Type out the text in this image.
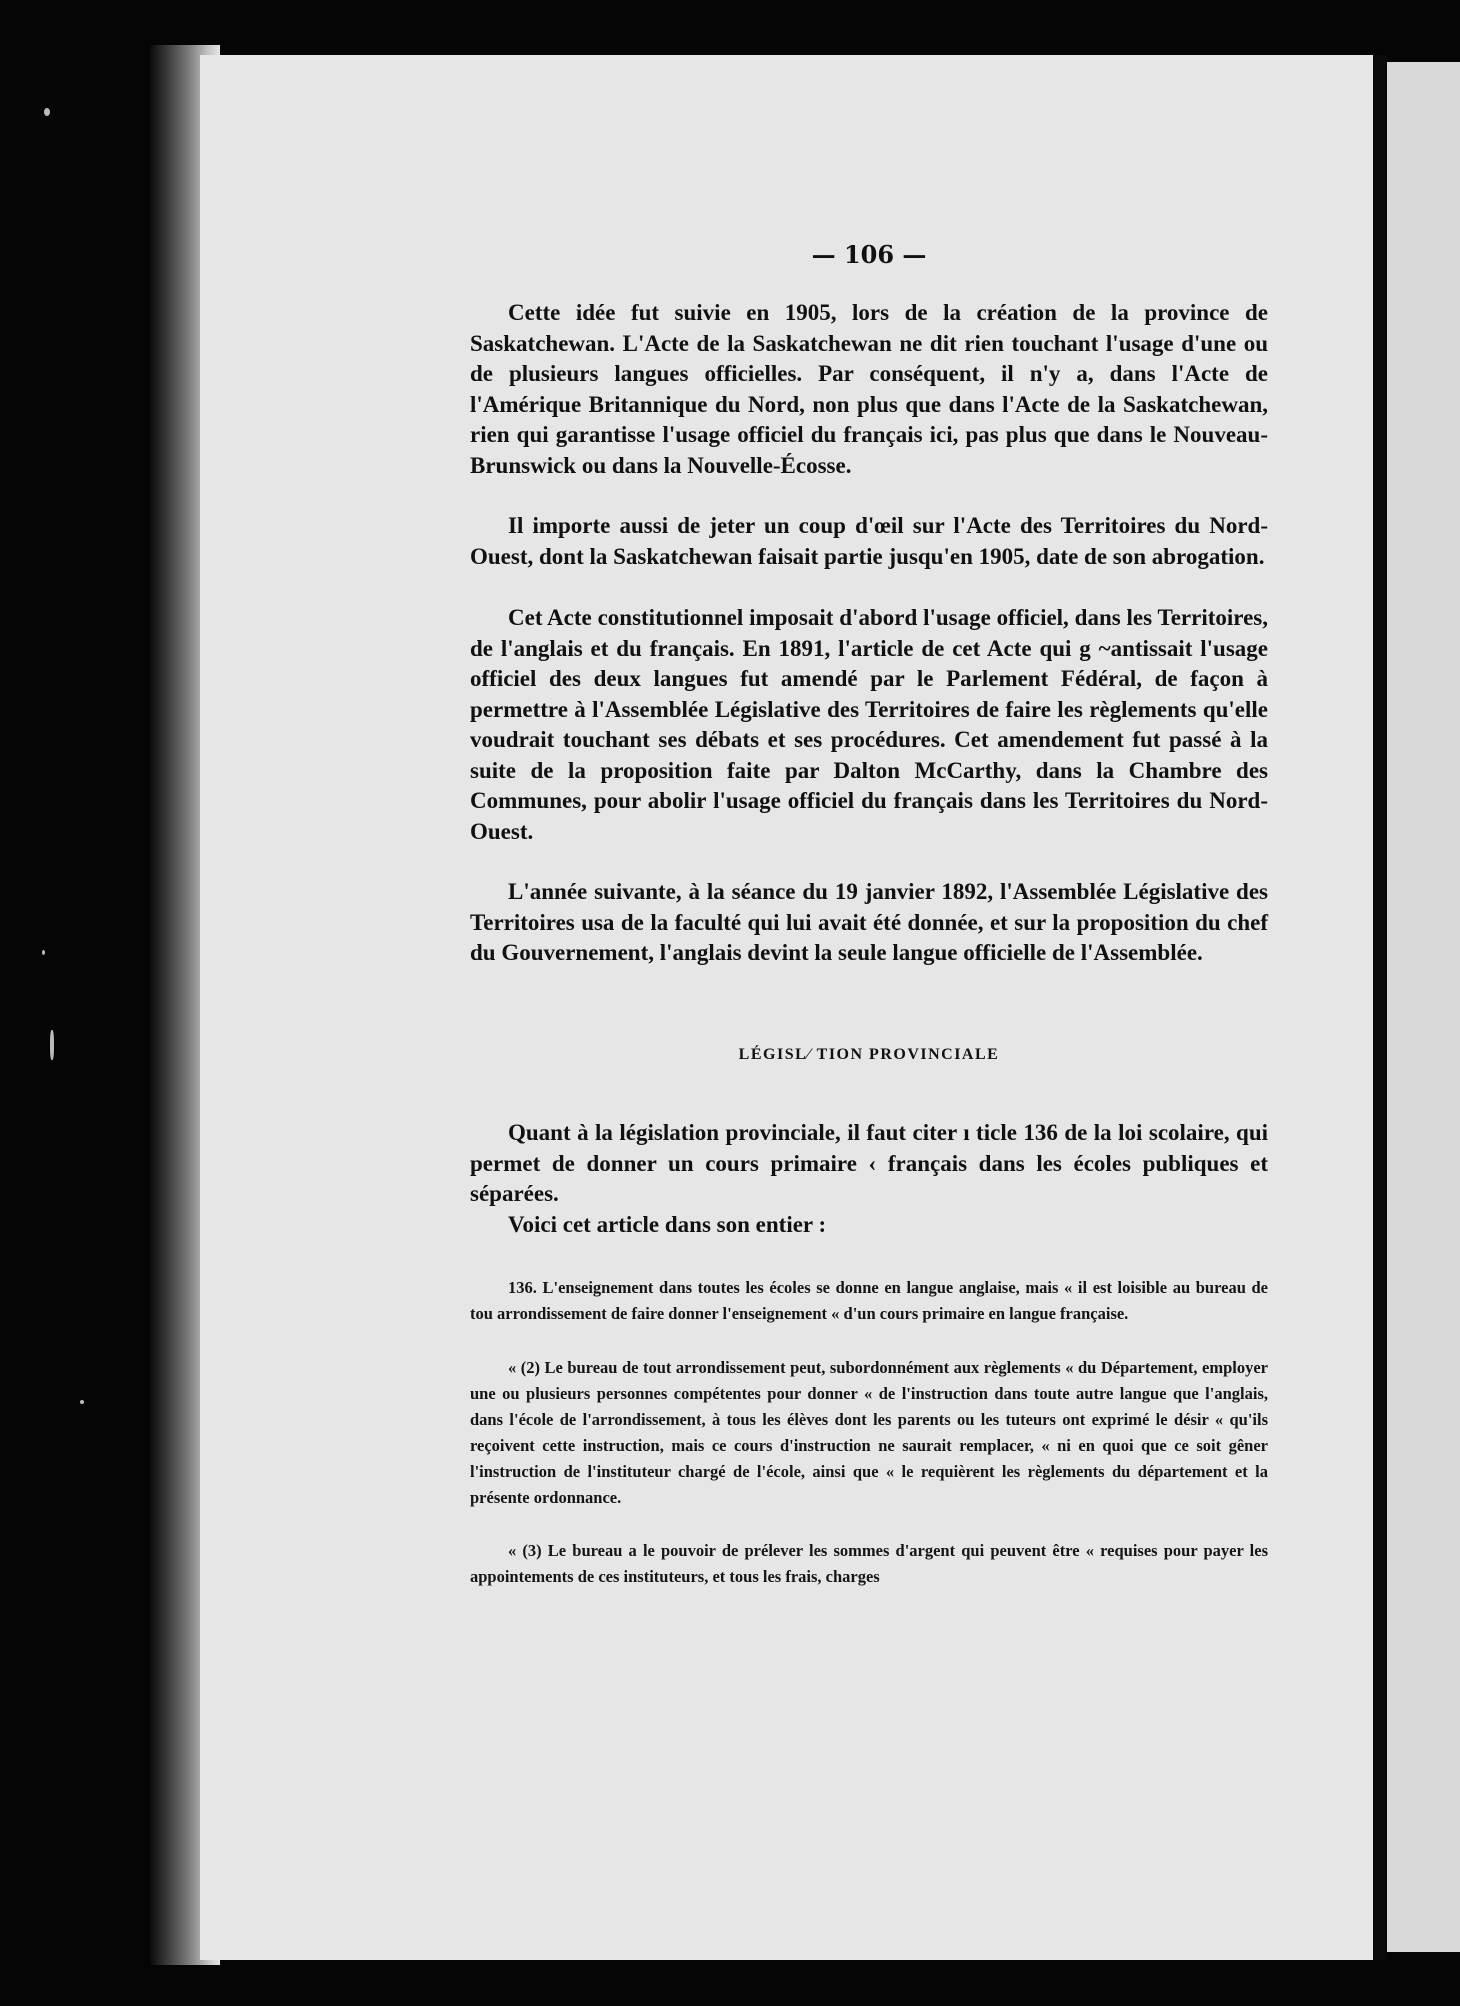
— 106 —
Cette idée fut suivie en 1905, lors de la création de la province de Saskatchewan. L'Acte de la Saskatchewan ne dit rien touchant l'usage d'une ou de plusieurs langues officielles. Par conséquent, il n'y a, dans l'Acte de l'Amérique Britannique du Nord, non plus que dans l'Acte de la Saskatchewan, rien qui garantisse l'usage officiel du français ici, pas plus que dans le Nouveau-Brunswick ou dans la Nouvelle-Écosse.
Il importe aussi de jeter un coup d'œil sur l'Acte des Territoires du Nord-Ouest, dont la Saskatchewan faisait partie jusqu'en 1905, date de son abrogation.
Cet Acte constitutionnel imposait d'abord l'usage officiel, dans les Territoires, de l'anglais et du français. En 1891, l'article de cet Acte qui g ~antissait l'usage officiel des deux langues fut amendé par le Parlement Fédéral, de façon à permettre à l'Assemblée Législative des Territoires de faire les règlements qu'elle voudrait touchant ses débats et ses procédures. Cet amendement fut passé à la suite de la proposition faite par Dalton McCarthy, dans la Chambre des Communes, pour abolir l'usage officiel du français dans les Territoires du Nord-Ouest.
L'année suivante, à la séance du 19 janvier 1892, l'Assemblée Législative des Territoires usa de la faculté qui lui avait été donnée, et sur la proposition du chef du Gouvernement, l'anglais devint la seule langue officielle de l'Assemblée.
LÉGISL⁄ TION PROVINCIALE
Quant à la législation provinciale, il faut citer ı ticle 136 de la loi scolaire, qui permet de donner un cours primaire ‹ français dans les écoles publiques et séparées.
Voici cet article dans son entier :
136. L'enseignement dans toutes les écoles se donne en langue anglaise, mais « il est loisible au bureau de tou arrondissement de faire donner l'enseignement « d'un cours primaire en langue française.
« (2) Le bureau de tout arrondissement peut, subordonnément aux règlements « du Département, employer une ou plusieurs personnes compétentes pour donner « de l'instruction dans toute autre langue que l'anglais, dans l'école de l'arrondissement, à tous les élèves dont les parents ou les tuteurs ont exprimé le désir « qu'ils reçoivent cette instruction, mais ce cours d'instruction ne saurait remplacer, « ni en quoi que ce soit gêner l'instruction de l'instituteur chargé de l'école, ainsi que « le requièrent les règlements du département et la présente ordonnance.
« (3) Le bureau a le pouvoir de prélever les sommes d'argent qui peuvent être « requises pour payer les appointements de ces instituteurs, et tous les frais, charges
